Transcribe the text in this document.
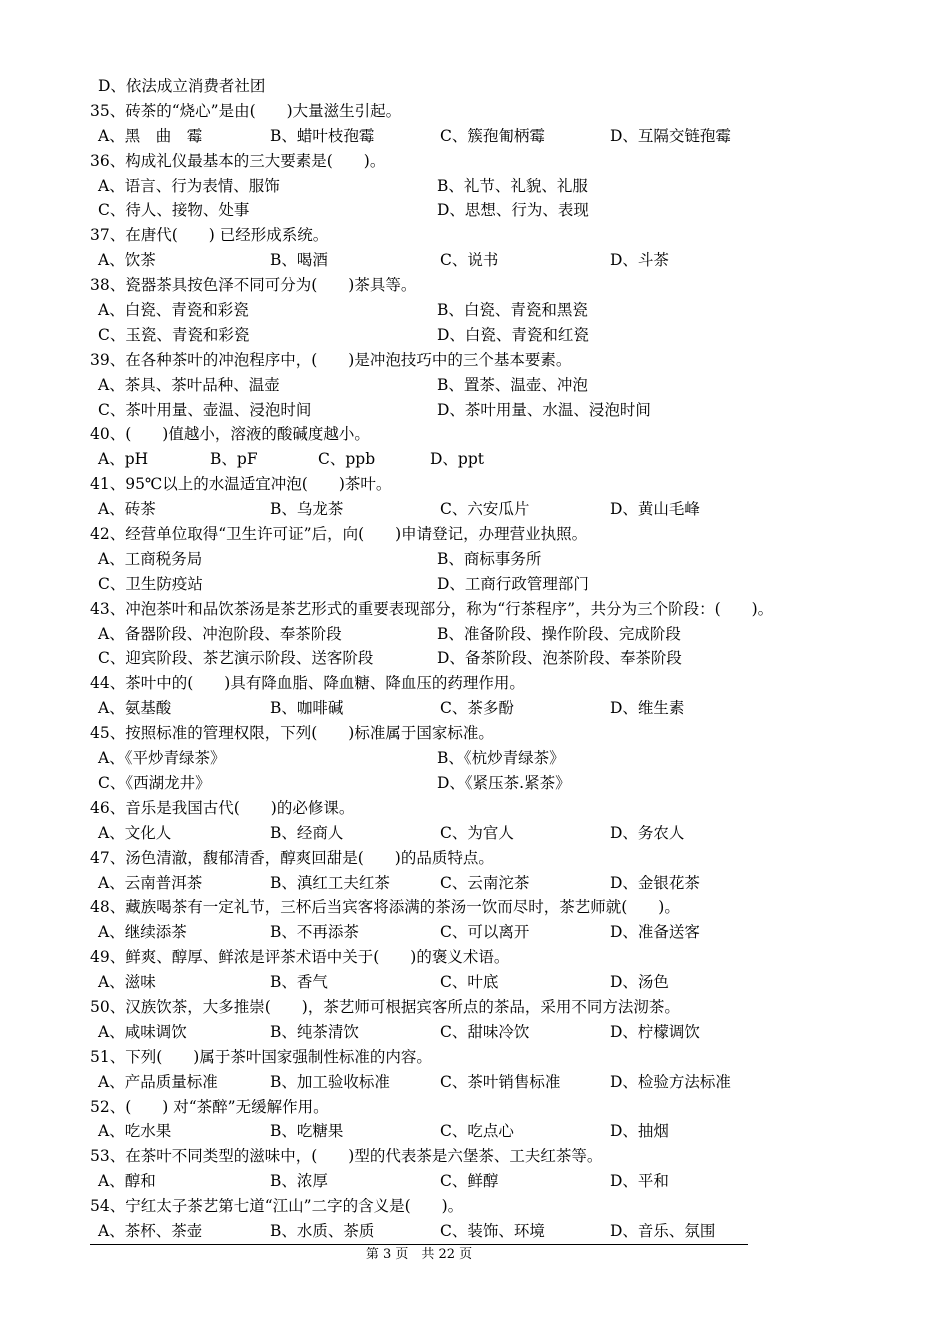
D、依法成立消费者社团
35、砖茶的“烧心”是由(　　)大量滋生引起。
A、黑　曲　霉	B、蜡叶枝孢霉	C、簇孢匍柄霉	D、互隔交链孢霉
36、构成礼仪最基本的三大要素是(　　)。
A、语言、行为表情、服饰	B、礼节、礼貌、礼服
C、待人、接物、处事	D、思想、行为、表现
37、在唐代(　　) 已经形成系统。
A、饮茶	B、喝酒	C、说书	D、斗茶
38、瓷器茶具按色泽不同可分为(　　)茶具等。
A、白瓷、青瓷和彩瓷	B、白瓷、青瓷和黑瓷
C、玉瓷、青瓷和彩瓷	D、白瓷、青瓷和红瓷
39、在各种茶叶的冲泡程序中，(　　)是冲泡技巧中的三个基本要素。
A、茶具、茶叶品种、温壶	B、置茶、温壶、冲泡
C、茶叶用量、壶温、浸泡时间	D、茶叶用量、水温、浸泡时间
40、(　　)值越小，溶液的酸碱度越小。
A、pH	B、pF	C、ppb	D、ppt
41、95℃以上的水温适宜冲泡(　　)茶叶。
A、砖茶	B、乌龙茶	C、六安瓜片	D、黄山毛峰
42、经营单位取得“卫生许可证”后，向(　　)申请登记，办理营业执照。
A、工商税务局	B、商标事务所
C、卫生防疫站	D、工商行政管理部门
43、冲泡茶叶和品饮茶汤是茶艺形式的重要表现部分，称为“行茶程序”，共分为三个阶段：(　　)。
A、备器阶段、冲泡阶段、奉茶阶段	B、准备阶段、操作阶段、完成阶段
C、迎宾阶段、茶艺演示阶段、送客阶段	D、备茶阶段、泡茶阶段、奉茶阶段
44、茶叶中的(　　)具有降血脂、降血糖、降血压的药理作用。
A、氨基酸	B、咖啡碱	C、茶多酚	D、维生素
45、按照标准的管理权限，下列(　　)标准属于国家标准。
A、《平炒青绿茶》	B、《杭炒青绿茶》
C、《西湖龙井》	D、《紧压茶.紧茶》
46、音乐是我国古代(　　)的必修课。
A、文化人	B、经商人	C、为官人	D、务农人
47、汤色清澈，馥郁清香，醇爽回甜是(　　)的品质特点。
A、云南普洱茶	B、滇红工夫红茶	C、云南沱茶	D、金银花茶
48、藏族喝茶有一定礼节，三杯后当宾客将添满的茶汤一饮而尽时，茶艺师就(　　)。
A、继续添茶	B、不再添茶	C、可以离开	D、准备送客
49、鲜爽、醇厚、鲜浓是评茶术语中关于(　　)的褒义术语。
A、滋味	B、香气	C、叶底	D、汤色
50、汉族饮茶，大多推崇(　　)，茶艺师可根据宾客所点的茶品，采用不同方法沏茶。
A、咸味调饮	B、纯茶清饮	C、甜味冷饮	D、柠檬调饮
51、下列(　　)属于茶叶国家强制性标准的内容。
A、产品质量标准	B、加工验收标准	C、茶叶销售标准	D、检验方法标准
52、(　　) 对“茶醉”无缓解作用。
A、吃水果	B、吃糖果	C、吃点心	D、抽烟
53、在茶叶不同类型的滋味中，(　　)型的代表茶是六堡茶、工夫红茶等。
A、醇和	B、浓厚	C、鲜醇	D、平和
54、宁红太子茶艺第七道“江山”二字的含义是(　　)。
A、茶杯、茶壶	B、水质、茶质	C、装饰、环境	D、音乐、氛围
第 3 页　共 22 页
